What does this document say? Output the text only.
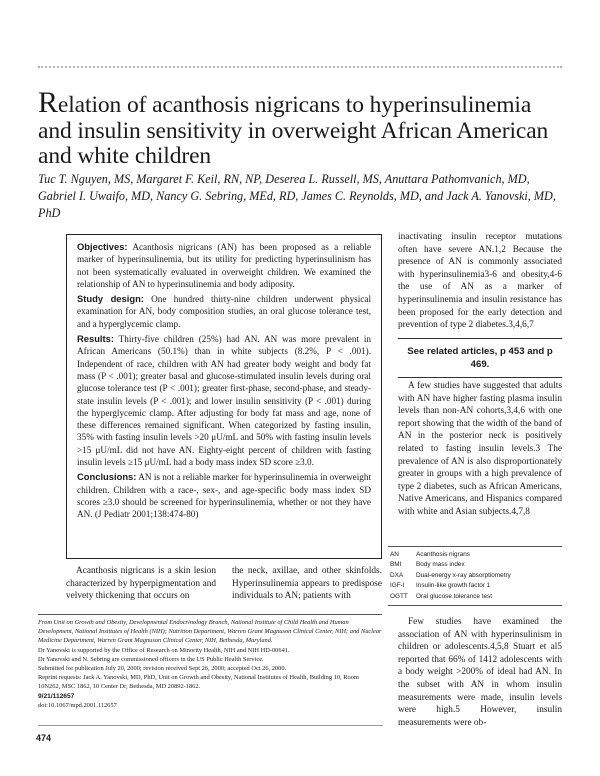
Relation of acanthosis nigricans to hyperinsulinemia and insulin sensitivity in overweight African American and white children

Tuc T. Nguyen, MS, Margaret F. Keil, RN, NP, Deserea L. Russell, MS, Anuttara Pathomvanich, MD, Gabriel I. Uwaifo, MD, Nancy G. Sebring, MEd, RD, James C. Reynolds, MD, and Jack A. Yanovski, MD, PhD

Objectives: Acanthosis nigricans (AN) has been proposed as a reliable marker of hyperinsulinemia, but its utility for predicting hyperinsulinism has not been systematically evaluated in overweight children. We examined the relationship of AN to hyperinsulinemia and body adiposity.

Study design: One hundred thirty-nine children underwent physical examination for AN, body composition studies, an oral glucose tolerance test, and a hyperglycemic clamp.

Results: Thirty-five children (25%) had AN. AN was more prevalent in African Americans (50.1%) than in white subjects (8.2%, P < .001). Independent of race, children with AN had greater body weight and body fat mass (P < .001); greater basal and glucose-stimulated insulin levels during oral glucose tolerance test (P < .001); greater first-phase, second-phase, and steady-state insulin levels (P < .001); and lower insulin sensitivity (P < .001) during the hyperglycemic clamp. After adjusting for body fat mass and age, none of these differences remained significant. When categorized by fasting insulin, 35% with fasting insulin levels >20 μU/mL and 50% with fasting insulin levels >15 μU/mL did not have AN. Eighty-eight percent of children with fasting insulin levels ≥15 μU/mL had a body mass index SD score ≥3.0.

Conclusions: AN is not a reliable marker for hyperinsulinemia in overweight children. Children with a race-, sex-, and age-specific body mass index SD scores ≥3.0 should be screened for hyperinsulinemia, whether or not they have AN. (J Pediatr 2001;138:474-80)

inactivating insulin receptor mutations often have severe AN.1,2 Because the presence of AN is commonly associated with hyperinsulinemia3-6 and obesity,4-6 the use of AN as a marker of hyperinsulinemia and insulin resistance has been proposed for the early detection and prevention of type 2 diabetes.3,4,6,7

See related articles, p 453 and p 469.

A few studies have suggested that adults with AN have higher fasting plasma insulin levels than non-AN cohorts,3,4,6 with one report showing that the width of the band of AN in the posterior neck is positively related to fasting insulin levels.3 The prevalence of AN is also disproportionately greater in groups with a high prevalence of type 2 diabetes, such as African Americans, Native Americans, and Hispanics compared with white and Asian subjects.4,7,8

AN	Acanthosis nigrans
BMI	Body mass index
DXA	Dual-energy x-ray absorptiometry
IGF-I	Insulin-like growth factor 1
OGTT	Oral glucose tolerance test

Few studies have examined the association of AN with hyperinsulinism in children or adolescents.4,5,8 Stuart et al5 reported that 66% of 1412 adolescents with a body weight >200% of ideal had AN. In the subset with AN in whom insulin measurements were made, insulin levels were high.5 However, insulin measurements were ob-

Acanthosis nigricans is a skin lesion characterized by hyperpigmentation and velvety thickening that occurs on
the neck, axillae, and other skinfolds. Hyperinsulinemia appears to predispose individuals to AN; patients with

From Unit on Growth and Obesity, Developmental Endocrinology Branch, National Institute of Child Health and Human Development, National Institutes of Health (NIH); Nutrition Department, Warren Grant Magnuson Clinical Center, NIH; and Nuclear Medicine Department, Warren Grant Magnuson Clinical Center, NIH, Bethesda, Maryland.

Dr Yanovski is supported by the Office of Research on Minority Health, NIH and NIH HD-00641.

Dr Yanovski and N. Sebring are commissioned officers in the US Public Health Service.

Submitted for publication July 20, 2000; revision received Sept 26, 2000; accepted Oct 26, 2000.

Reprint requests: Jack A. Yanovski, MD, PhD, Unit on Growth and Obesity, National Institutes of Health, Building 10, Room 10N262, MSC 1862, 10 Center Dr, Bethesda, MD 20892-1862.

9/21/112657

doi:10.1067/mpd.2001.112657

474
